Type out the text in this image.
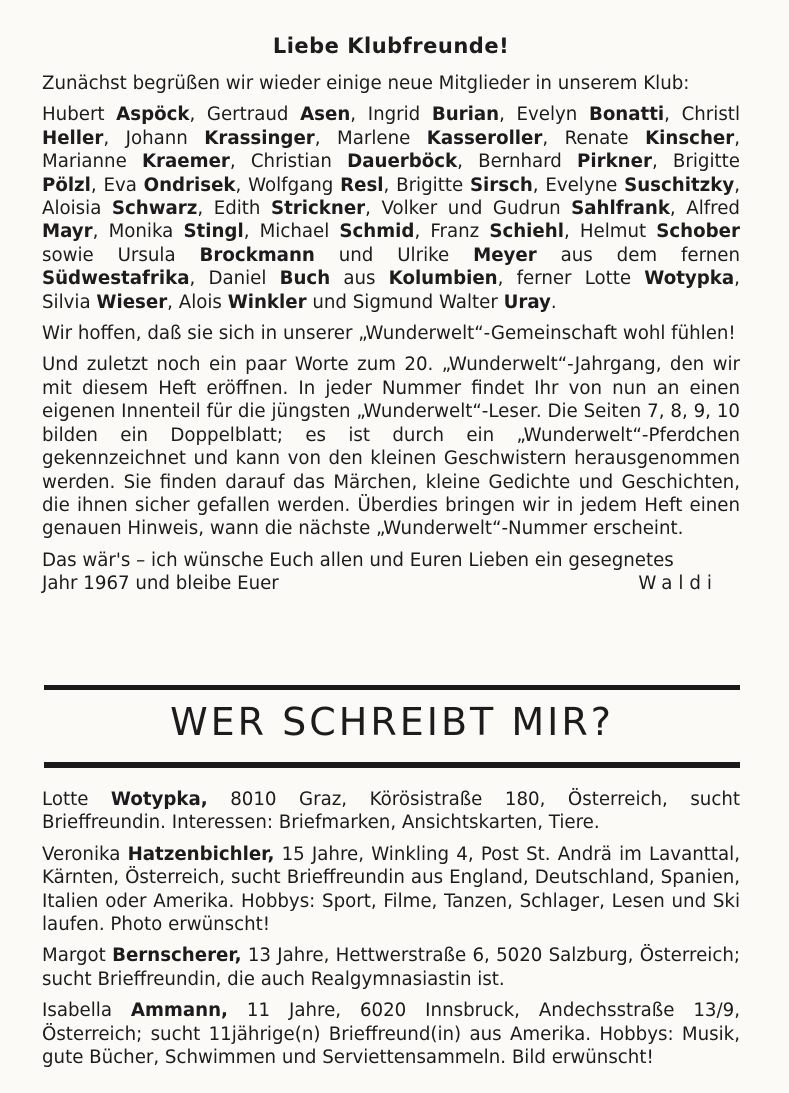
Liebe Klubfreunde!

Zunächst begrüßen wir wieder einige neue Mitglieder in unserem Klub:

Hubert Aspöck, Gertraud Asen, Ingrid Burian, Evelyn Bonatti, Christl Heller, Johann Krassinger, Marlene Kasseroller, Renate Kinscher, Marianne Kraemer, Christian Dauerböck, Bernhard Pirkner, Brigitte Pölzl, Eva Ondrisek, Wolfgang Resl, Brigitte Sirsch, Evelyne Suschitzky, Aloisia Schwarz, Edith Strickner, Volker und Gudrun Sahlfrank, Alfred Mayr, Monika Stingl, Michael Schmid, Franz Schiehl, Helmut Schober sowie Ursula Brockmann und Ulrike Meyer aus dem fernen Südwestafrika, Daniel Buch aus Kolumbien, ferner Lotte Wotypka, Silvia Wieser, Alois Winkler und Sigmund Walter Uray.

Wir hoffen, daß sie sich in unserer „Wunderwelt“-Gemeinschaft wohl fühlen!

Und zuletzt noch ein paar Worte zum 20. „Wunderwelt“-Jahrgang, den wir mit diesem Heft eröffnen. In jeder Nummer findet Ihr von nun an einen eigenen Innenteil für die jüngsten „Wunderwelt“-Leser. Die Seiten 7, 8, 9, 10 bilden ein Doppelblatt; es ist durch ein „Wunderwelt“-Pferdchen gekennzeichnet und kann von den kleinen Geschwistern herausgenommen werden. Sie finden darauf das Märchen, kleine Gedichte und Geschichten, die ihnen sicher gefallen werden. Überdies bringen wir in jedem Heft einen genauen Hinweis, wann die nächste „Wunderwelt“-Nummer erscheint.

Das wär's – ich wünsche Euch allen und Euren Lieben ein gesegnetes
Jahr 1967 und bleibe Euer	Waldi
WER SCHREIBT MIR?

Lotte Wotypka, 8010 Graz, Körösistraße 180, Österreich, sucht Brieffreundin. Interessen: Briefmarken, Ansichtskarten, Tiere.

Veronika Hatzenbichler, 15 Jahre, Winkling 4, Post St. Andrä im Lavanttal, Kärnten, Österreich, sucht Brieffreundin aus England, Deutschland, Spanien, Italien oder Amerika. Hobbys: Sport, Filme, Tanzen, Schlager, Lesen und Ski laufen. Photo erwünscht!

Margot Bernscherer, 13 Jahre, Hettwerstraße 6, 5020 Salzburg, Österreich; sucht Brieffreundin, die auch Realgymnasiastin ist.

Isabella Ammann, 11 Jahre, 6020 Innsbruck, Andechsstraße 13/9, Österreich; sucht 11jährige(n) Brieffreund(in) aus Amerika. Hobbys: Musik, gute Bücher, Schwimmen und Serviettensammeln. Bild erwünscht!
